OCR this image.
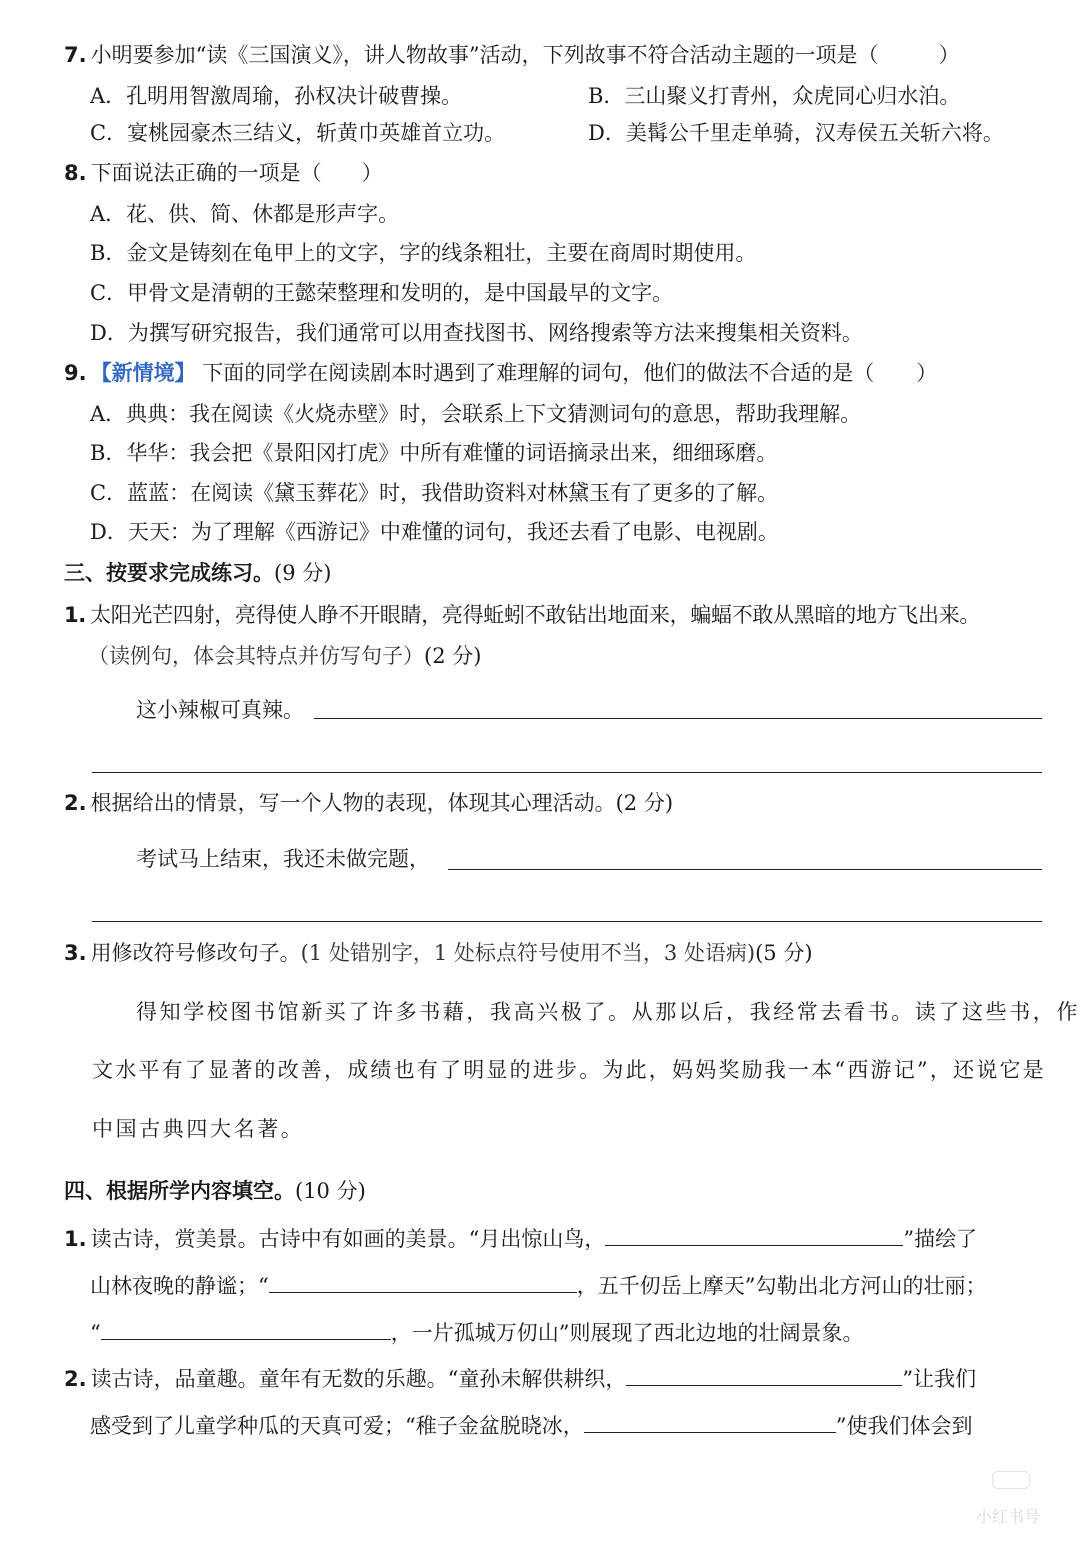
7. 小明要参加“读《三国演义》，讲人物故事”活动，下列故事不符合活动主题的一项是（	）
A．孔明用智激周瑜，孙权决计破曹操。	B．三山聚义打青州，众虎同心归水泊。
C．宴桃园豪杰三结义，斩黄巾英雄首立功。	D．美髯公千里走单骑，汉寿侯五关斩六将。
8. 下面说法正确的一项是（ ）
A．花、供、简、休都是形声字。
B．金文是铸刻在龟甲上的文字，字的线条粗壮，主要在商周时期使用。
C．甲骨文是清朝的王懿荣整理和发明的，是中国最早的文字。
D．为撰写研究报告，我们通常可以用查找图书、网络搜索等方法来搜集相关资料。
9. 【新情境】 下面的同学在阅读剧本时遇到了难理解的词句，他们的做法不合适的是（ ）
A．典典：我在阅读《火烧赤壁》时，会联系上下文猜测词句的意思，帮助我理解。
B．华华：我会把《景阳冈打虎》中所有难懂的词语摘录出来，细细琢磨。
C．蓝蓝：在阅读《黛玉葬花》时，我借助资料对林黛玉有了更多的了解。
D．天天：为了理解《西游记》中难懂的词句，我还去看了电影、电视剧。
三、按要求完成练习。(9 分)
1. 太阳光芒四射，亮得使人睁不开眼睛，亮得蚯蚓不敢钻出地面来，蝙蝠不敢从黑暗的地方飞出来。
（读例句，体会其特点并仿写句子）(2 分)
这小辣椒可真辣。
2. 根据给出的情景，写一个人物的表现，体现其心理活动。(2 分)
考试马上结束，我还未做完题，
3. 用修改符号修改句子。(1 处错别字，1 处标点符号使用不当，3 处语病)(5 分)
得知学校图书馆新买了许多书藉，我高兴极了。从那以后，我经常去看书。读了这些书，作
文水平有了显著的改善，成绩也有了明显的进步。为此，妈妈奖励我一本“西游记”，还说它是
中国古典四大名著。
四、根据所学内容填空。(10 分)
1. 读古诗，赏美景。古诗中有如画的美景。“月出惊山鸟，	”描绘了
山林夜晚的静谧；“	，五千仞岳上摩天”勾勒出北方河山的壮丽；
“	，一片孤城万仞山”则展现了西北边地的壮阔景象。
2. 读古诗，品童趣。童年有无数的乐趣。“童孙未解供耕织，	”让我们
感受到了儿童学种瓜的天真可爱；“稚子金盆脱晓冰，	”使我们体会到
小红书号
